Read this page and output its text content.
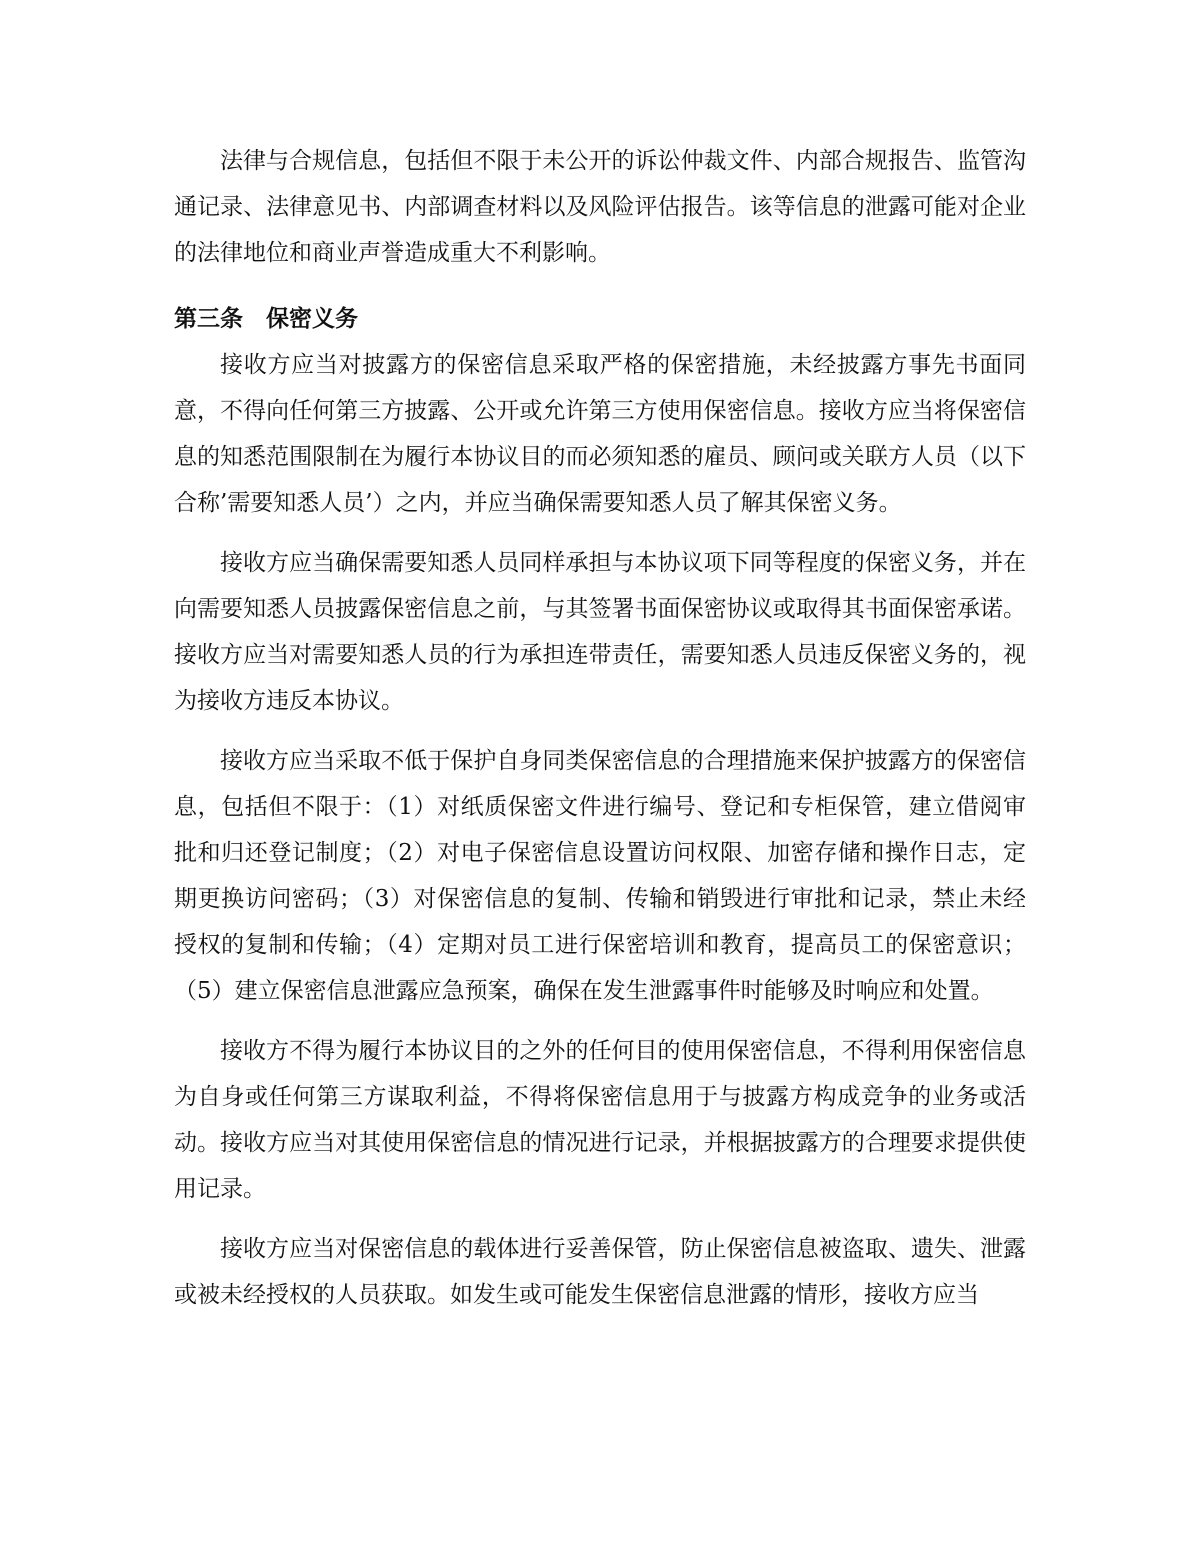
法律与合规信息，包括但不限于未公开的诉讼仲裁文件、内部合规报告、监管沟通记录、法律意见书、内部调查材料以及风险评估报告。该等信息的泄露可能对企业的法律地位和商业声誉造成重大不利影响。

第三条　保密义务

接收方应当对披露方的保密信息采取严格的保密措施，未经披露方事先书面同意，不得向任何第三方披露、公开或允许第三方使用保密信息。接收方应当将保密信息的知悉范围限制在为履行本协议目的而必须知悉的雇员、顾问或关联方人员（以下合称’需要知悉人员’）之内，并应当确保需要知悉人员了解其保密义务。

接收方应当确保需要知悉人员同样承担与本协议项下同等程度的保密义务，并在向需要知悉人员披露保密信息之前，与其签署书面保密协议或取得其书面保密承诺。接收方应当对需要知悉人员的行为承担连带责任，需要知悉人员违反保密义务的，视为接收方违反本协议。

接收方应当采取不低于保护自身同类保密信息的合理措施来保护披露方的保密信息，包括但不限于：（1）对纸质保密文件进行编号、登记和专柜保管，建立借阅审批和归还登记制度；（2）对电子保密信息设置访问权限、加密存储和操作日志，定期更换访问密码；（3）对保密信息的复制、传输和销毁进行审批和记录，禁止未经授权的复制和传输；（4）定期对员工进行保密培训和教育，提高员工的保密意识；（5）建立保密信息泄露应急预案，确保在发生泄露事件时能够及时响应和处置。

接收方不得为履行本协议目的之外的任何目的使用保密信息，不得利用保密信息为自身或任何第三方谋取利益，不得将保密信息用于与披露方构成竞争的业务或活动。接收方应当对其使用保密信息的情况进行记录，并根据披露方的合理要求提供使用记录。

接收方应当对保密信息的载体进行妥善保管，防止保密信息被盗取、遗失、泄露或被未经授权的人员获取。如发生或可能发生保密信息泄露的情形，接收方应当
